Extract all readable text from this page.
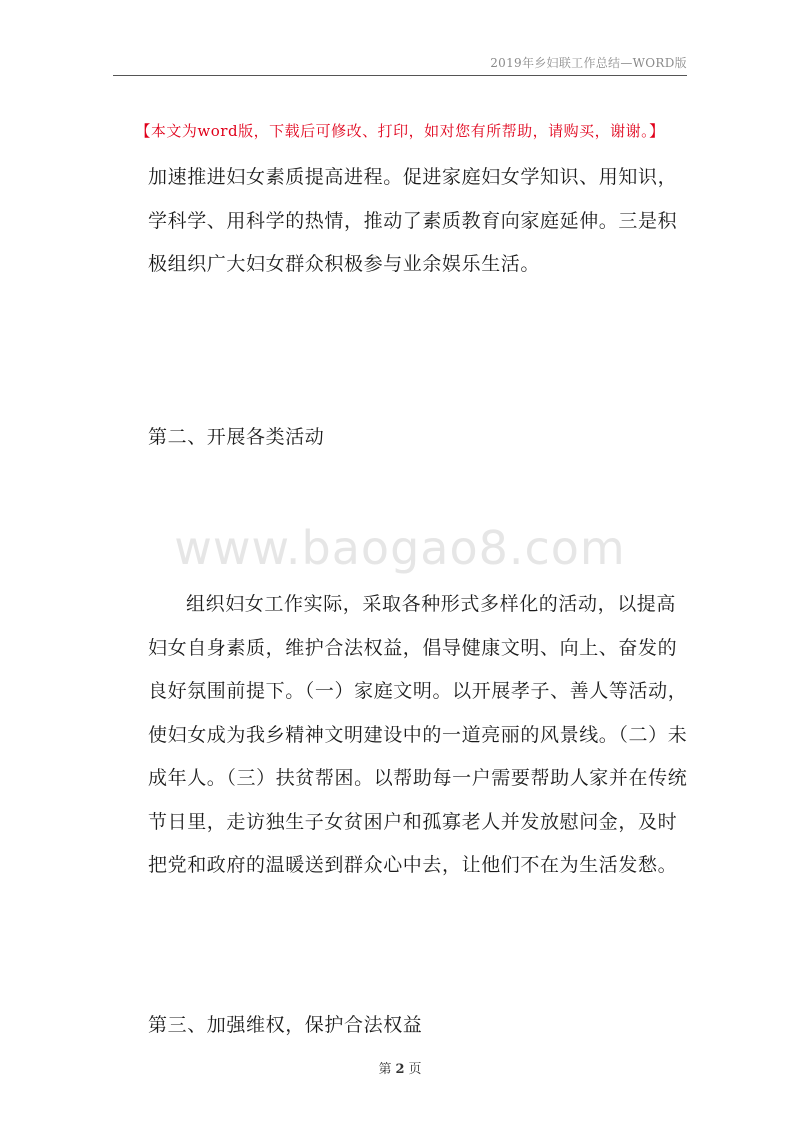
2019年乡妇联工作总结—WORD版
【本文为word版，下载后可修改、打印，如对您有所帮助，请购买，谢谢。】

加速推进妇女素质提高进程。促进家庭妇女学知识、用知识，学科学、用科学的热情，推动了素质教育向家庭延伸。三是积极组织广大妇女群众积极参与业余娱乐生活。

第二、开展各类活动

www.baogao8.com

组织妇女工作实际，采取各种形式多样化的活动，以提高妇女自身素质，维护合法权益，倡导健康文明、向上、奋发的良好氛围前提下。（一）家庭文明。以开展孝子、善人等活动，使妇女成为我乡精神文明建设中的一道亮丽的风景线。（二）未成年人。（三）扶贫帮困。以帮助每一户需要帮助人家并在传统节日里，走访独生子女贫困户和孤寡老人并发放慰问金，及时把党和政府的温暖送到群众心中去，让他们不在为生活发愁。

第三、加强维权，保护合法权益

第 2 页
